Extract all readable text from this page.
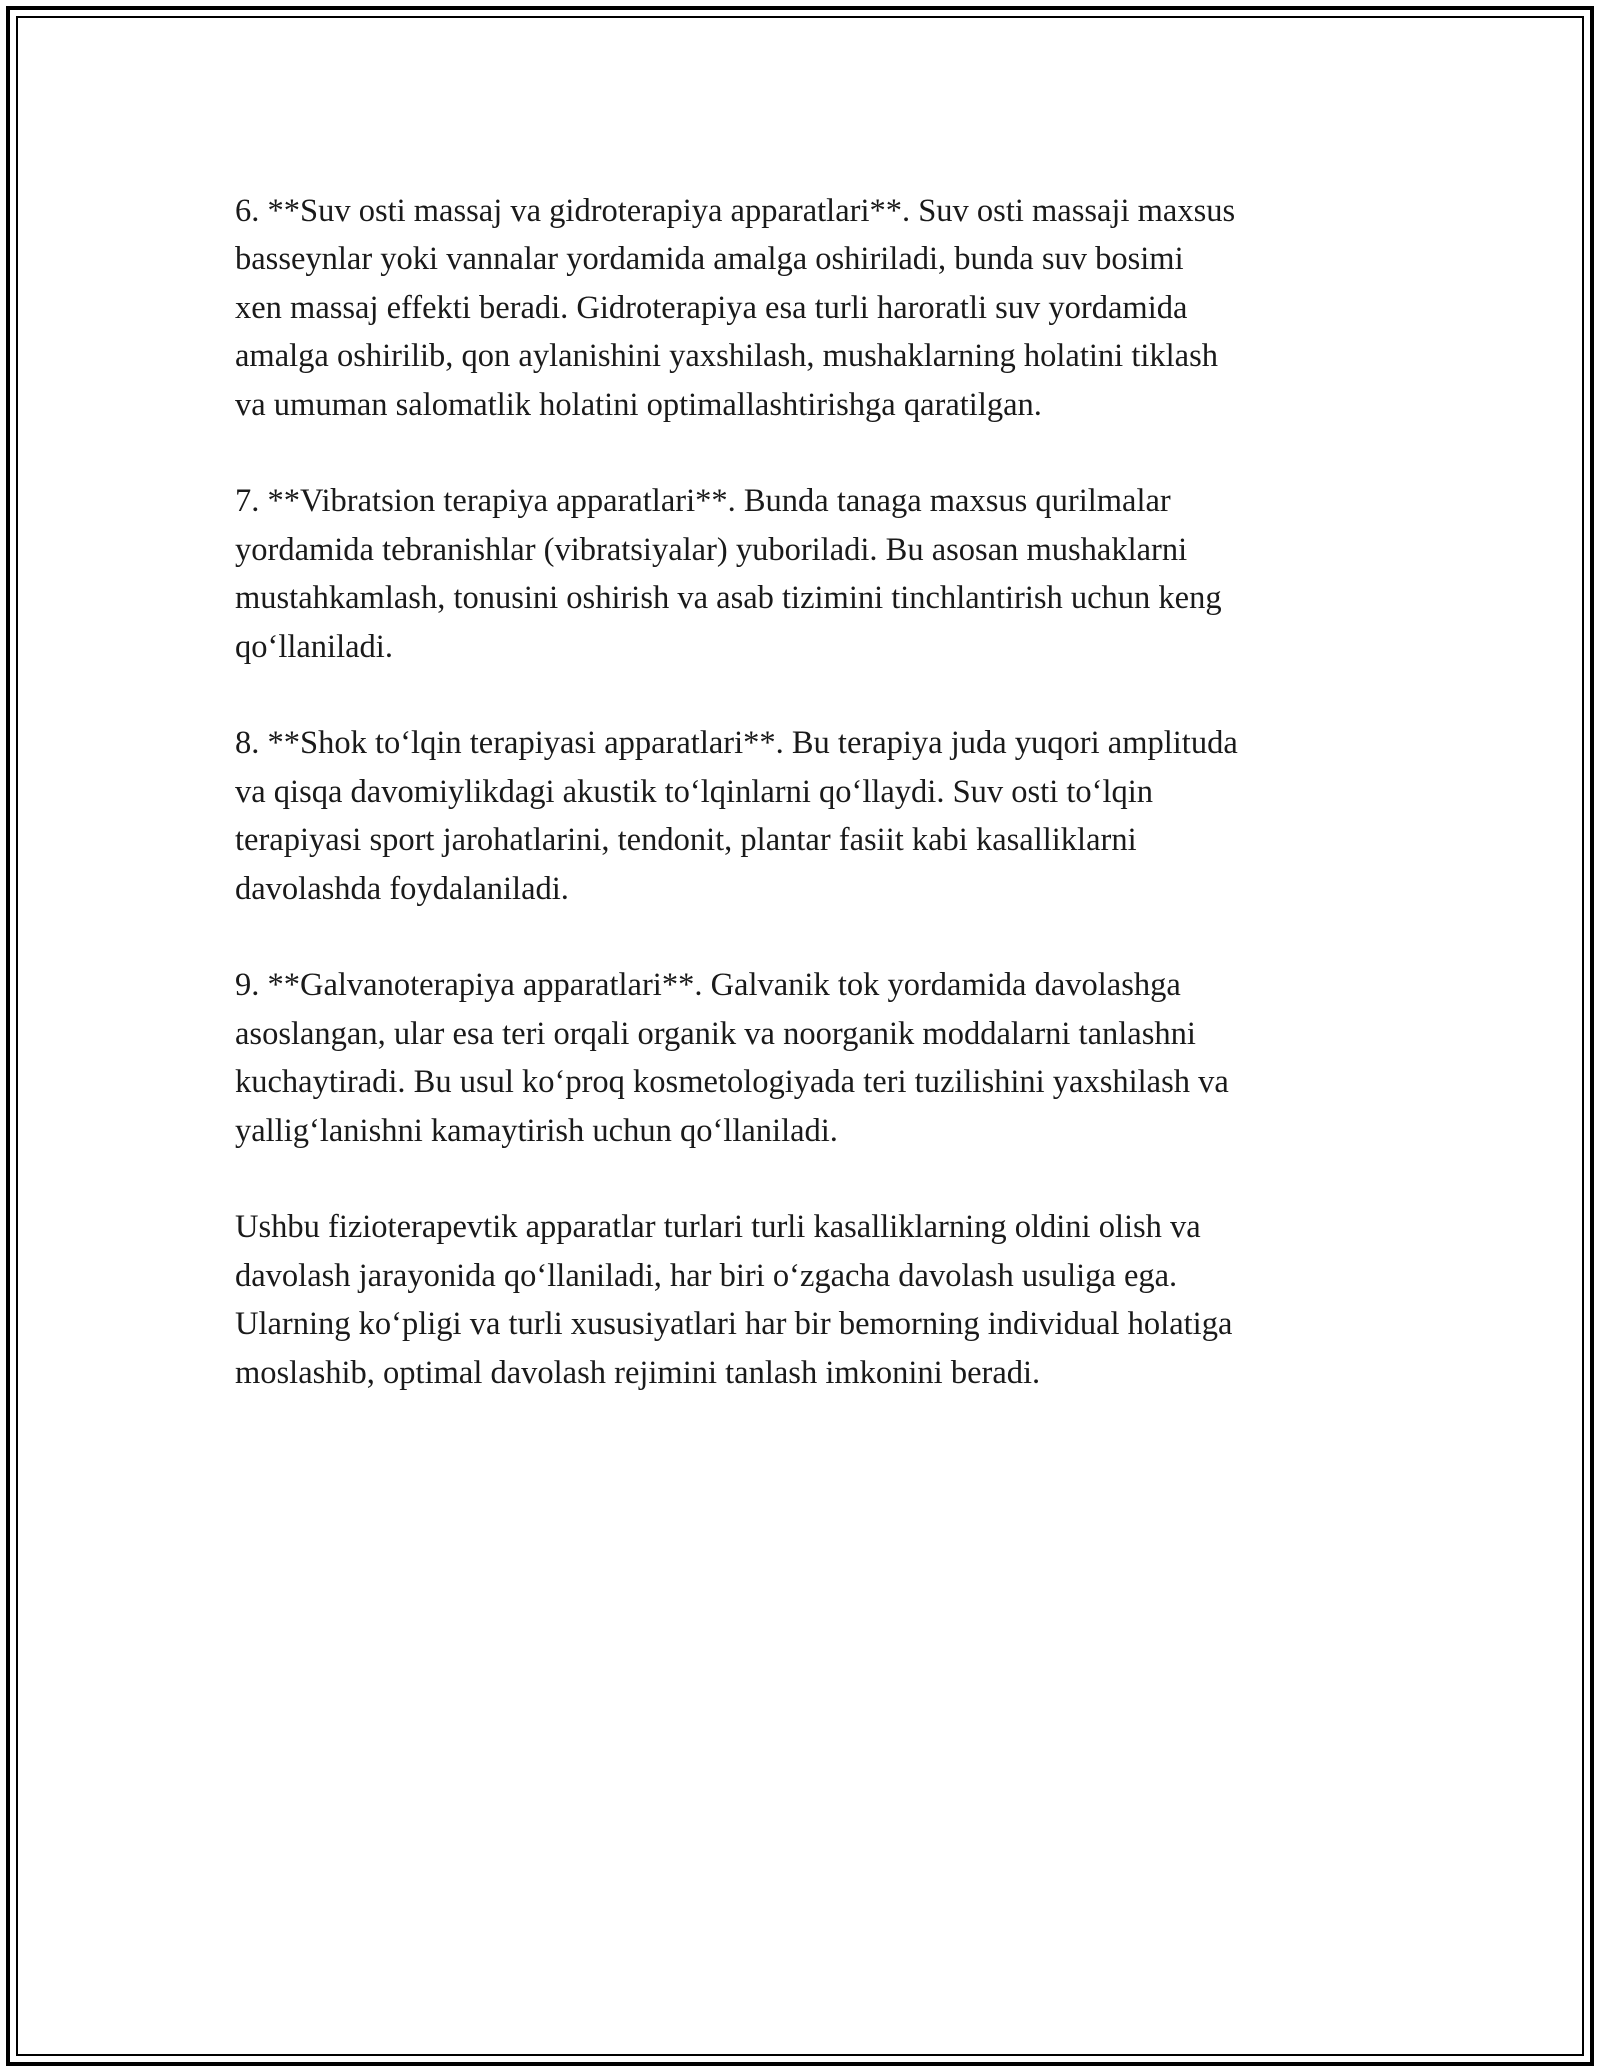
6. **Suv osti massaj va gidroterapiya apparatlari**. Suv osti massaji maxsus
basseynlar yoki vannalar yordamida amalga oshiriladi, bunda suv bosimi
xen massaj effekti beradi. Gidroterapiya esa turli haroratli suv yordamida
amalga oshirilib, qon aylanishini yaxshilash, mushaklarning holatini tiklash
va umuman salomatlik holatini optimallashtirishga qaratilgan.

7. **Vibratsion terapiya apparatlari**. Bunda tanaga maxsus qurilmalar
yordamida tebranishlar (vibratsiyalar) yuboriladi. Bu asosan mushaklarni
mustahkamlash, tonusini oshirish va asab tizimini tinchlantirish uchun keng
qoʻllaniladi.

8. **Shok toʻlqin terapiyasi apparatlari**. Bu terapiya juda yuqori amplituda
va qisqa davomiylikdagi akustik toʻlqinlarni qoʻllaydi. Suv osti toʻlqin
terapiyasi sport jarohatlarini, tendonit, plantar fasiit kabi kasalliklarni
davolashda foydalaniladi.

9. **Galvanoterapiya apparatlari**. Galvanik tok yordamida davolashga
asoslangan, ular esa teri orqali organik va noorganik moddalarni tanlashni
kuchaytiradi. Bu usul koʻproq kosmetologiyada teri tuzilishini yaxshilash va
yalligʻlanishni kamaytirish uchun qoʻllaniladi.

Ushbu fizioterapevtik apparatlar turlari turli kasalliklarning oldini olish va
davolash jarayonida qoʻllaniladi, har biri oʻzgacha davolash usuliga ega.
Ularning koʻpligi va turli xususiyatlari har bir bemorning individual holatiga
moslashib, optimal davolash rejimini tanlash imkonini beradi.
